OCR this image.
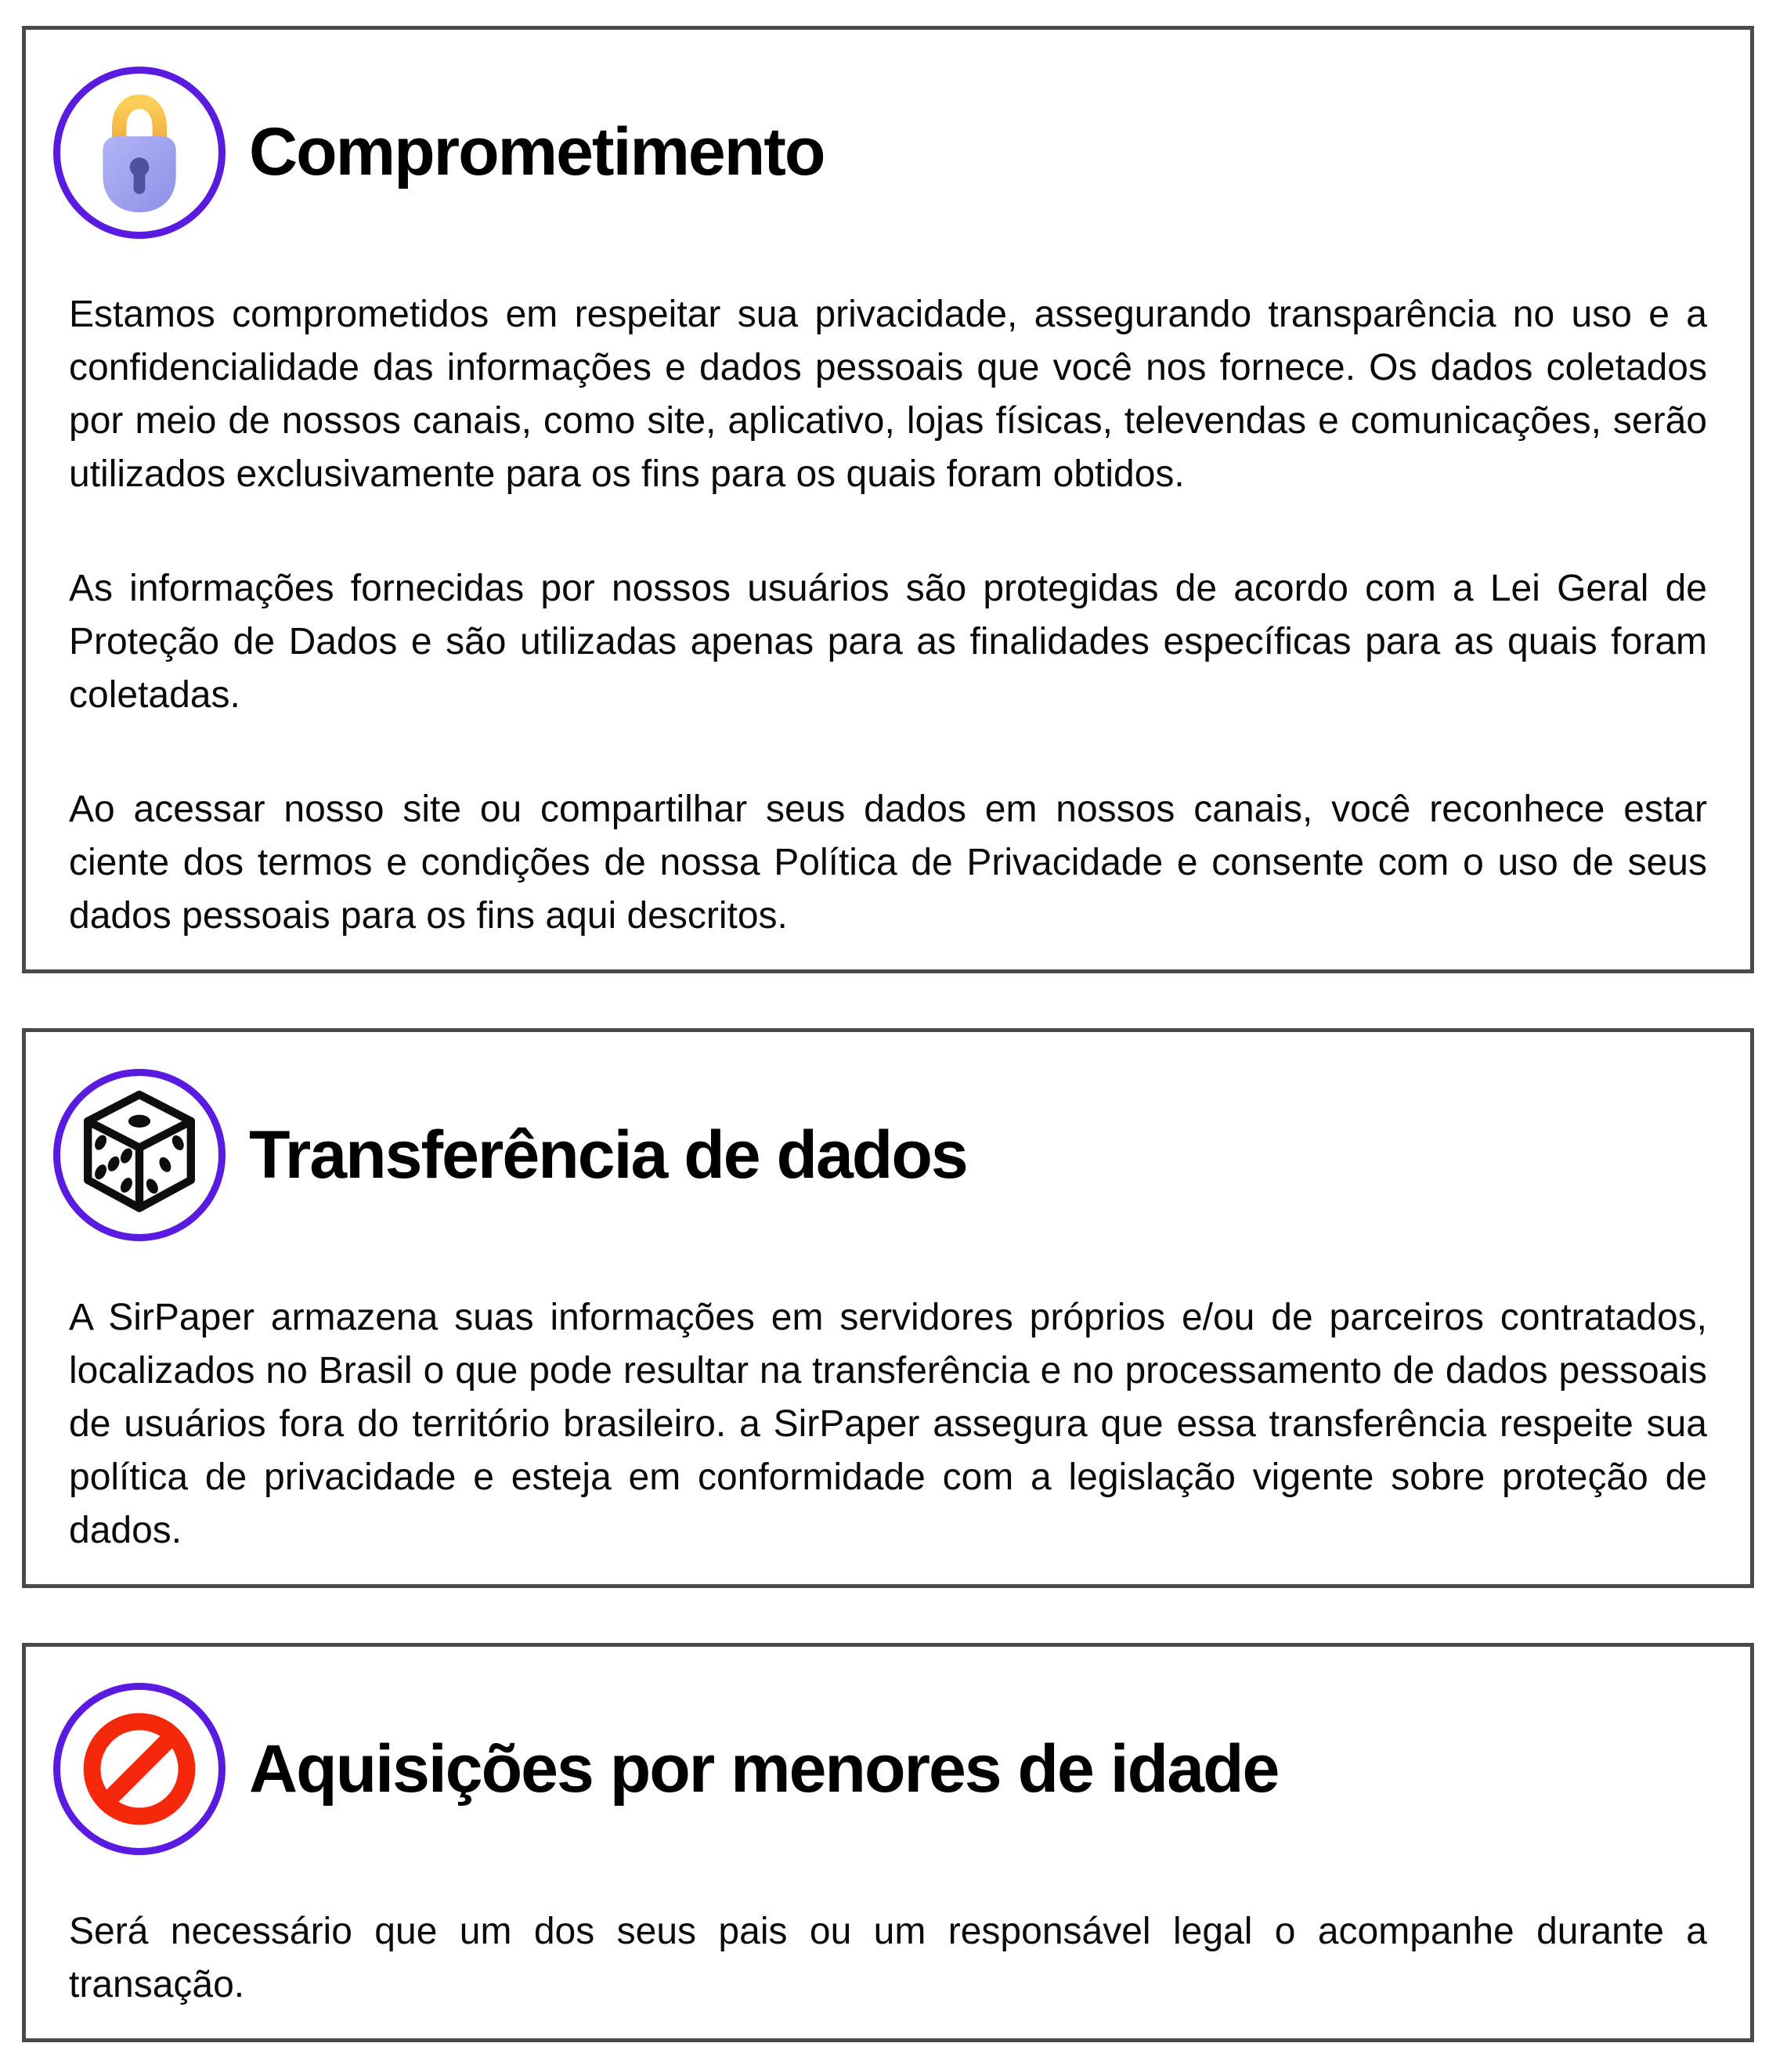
Comprometimento

Estamos comprometidos em respeitar sua privacidade, assegurando transparência no uso e a confidencialidade das informações e dados pessoais que você nos fornece. Os dados coletados por meio de nossos canais, como site, aplicativo, lojas físicas, televendas e comunicações, serão utilizados exclusivamente para os fins para os quais foram obtidos.

As informações fornecidas por nossos usuários são protegidas de acordo com a Lei Geral de Proteção de Dados e são utilizadas apenas para as finalidades específicas para as quais foram coletadas.

Ao acessar nosso site ou compartilhar seus dados em nossos canais, você reconhece estar ciente dos termos e condições de nossa Política de Privacidade e consente com o uso de seus dados pessoais para os fins aqui descritos.

Transferência de dados

A SirPaper armazena suas informações em servidores próprios e/ou de parceiros contratados, localizados no Brasil o que pode resultar na transferência e no processamento de dados pessoais de usuários fora do território brasileiro. a SirPaper assegura que essa transferência respeite sua política de privacidade e esteja em conformidade com a legislação vigente sobre proteção de dados.

Aquisições por menores de idade

Será necessário que um dos seus pais ou um responsável legal o acompanhe durante a transação.
